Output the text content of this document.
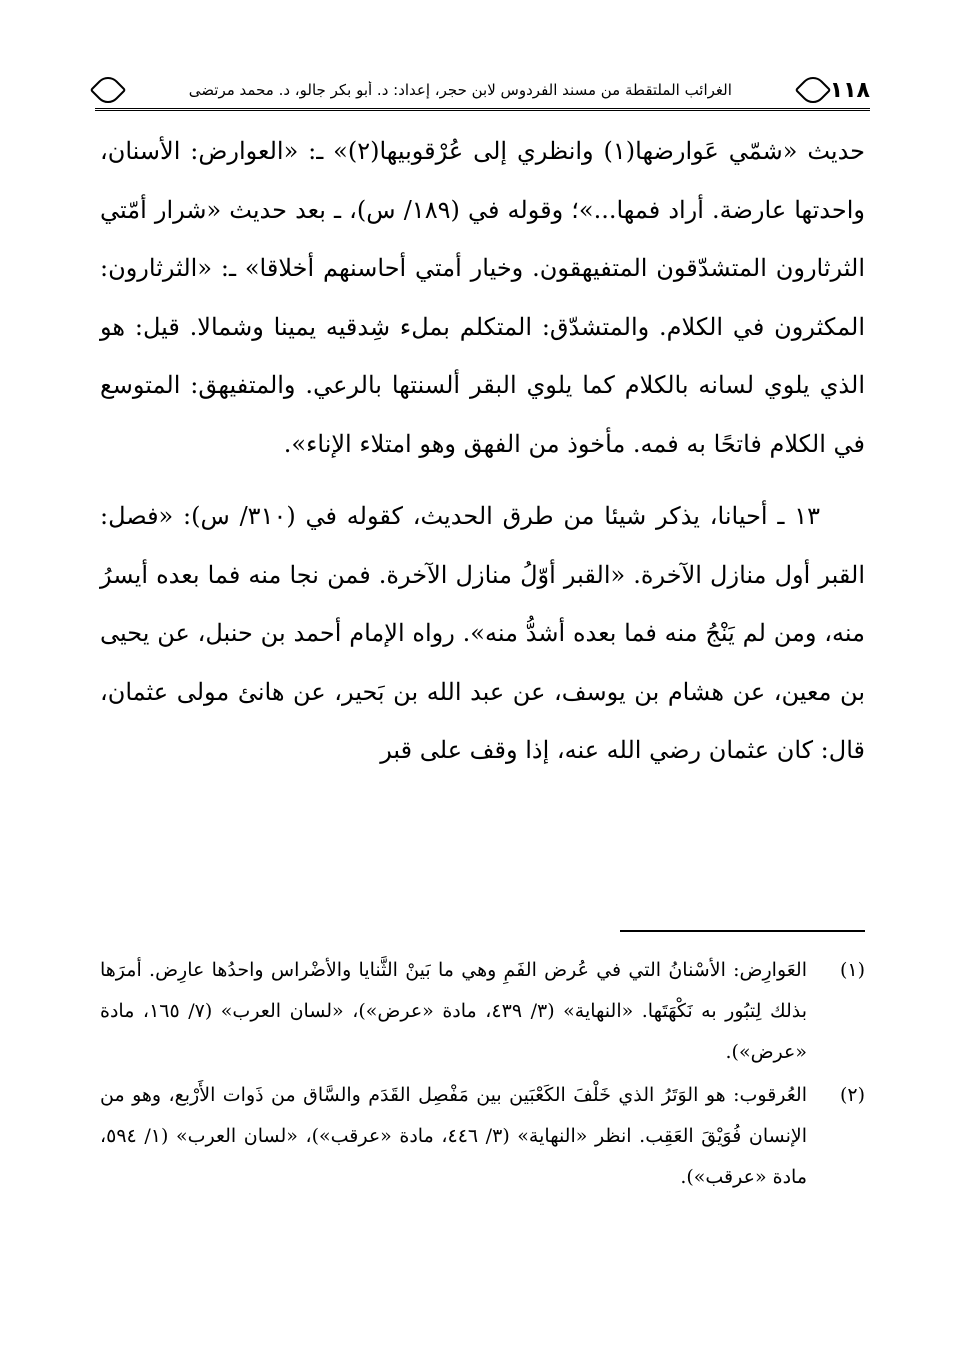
١١٨
الغرائب الملتقطة من مسند الفردوس لابن حجر، إعداد: د. أبو بكر جالو، د. محمد مرتضى

حديث «شمّي عَوارضها(١) وانظري إلى عُرْقوبيها(٢)» ـ: «العوارض: الأسنان، واحدتها عارضة. أراد فمها...»؛ وقوله في (١٨٩/ س)، ـ بعد حديث «شرار أمّتي الثرثارون المتشدّقون المتفيهقون. وخيار أمتي أحاسنهم أخلاقا» ـ: «الثرثارون: المكثرون في الكلام. والمتشدّق: المتكلم بملء شِدقيه يمينا وشمالا. قيل: هو الذي يلوي لسانه بالكلام كما يلوي البقر ألسنتها بالرعي. والمتفيهق: المتوسع في الكلام فاتحًا به فمه. مأخوذ من الفهق وهو امتلاء الإناء».

١٣ ـ أحيانا، يذكر شيئا من طرق الحديث، كقوله في (٣١٠/ س): «فصل: القبر أول منازل الآخرة. «القبر أوّلُ منازل الآخرة. فمن نجا منه فما بعده أيسرُ منه، ومن لم يَنْجُ منه فما بعده أشدُّ منه». رواه الإمام أحمد بن حنبل، عن يحيى بن معين، عن هشام بن يوسف، عن عبد الله بن بَحير، عن هانئ مولى عثمان، قال: كان عثمان رضي الله عنه، إذا وقف على قبر

(١)
العَوارِض: الأسْنانُ التي في عُرض الفَمِ وهي ما بَينْ الثَّنايا والأضْراس واحدُها عارِض. أمرَها بذلك لِتبُور به نَكْهَتَها. «النهاية» (٣/ ٤٣٩، مادة «عرض»)، «لسان العرب» (٧/ ١٦٥، مادة «عرض»).
(٢)
العُرقوب: هو الوَتَرُ الذي خَلْفَ الكَعْبَين بين مَفْصِل القَدَم والسَّاق من ذَوات الأَرْبع، وهو من الإنسان فُوَيْقَ العَقِب. انظر «النهاية» (٣/ ٤٤٦، مادة «عرقب»)، «لسان العرب» (١/ ٥٩٤، مادة «عرقب»).
